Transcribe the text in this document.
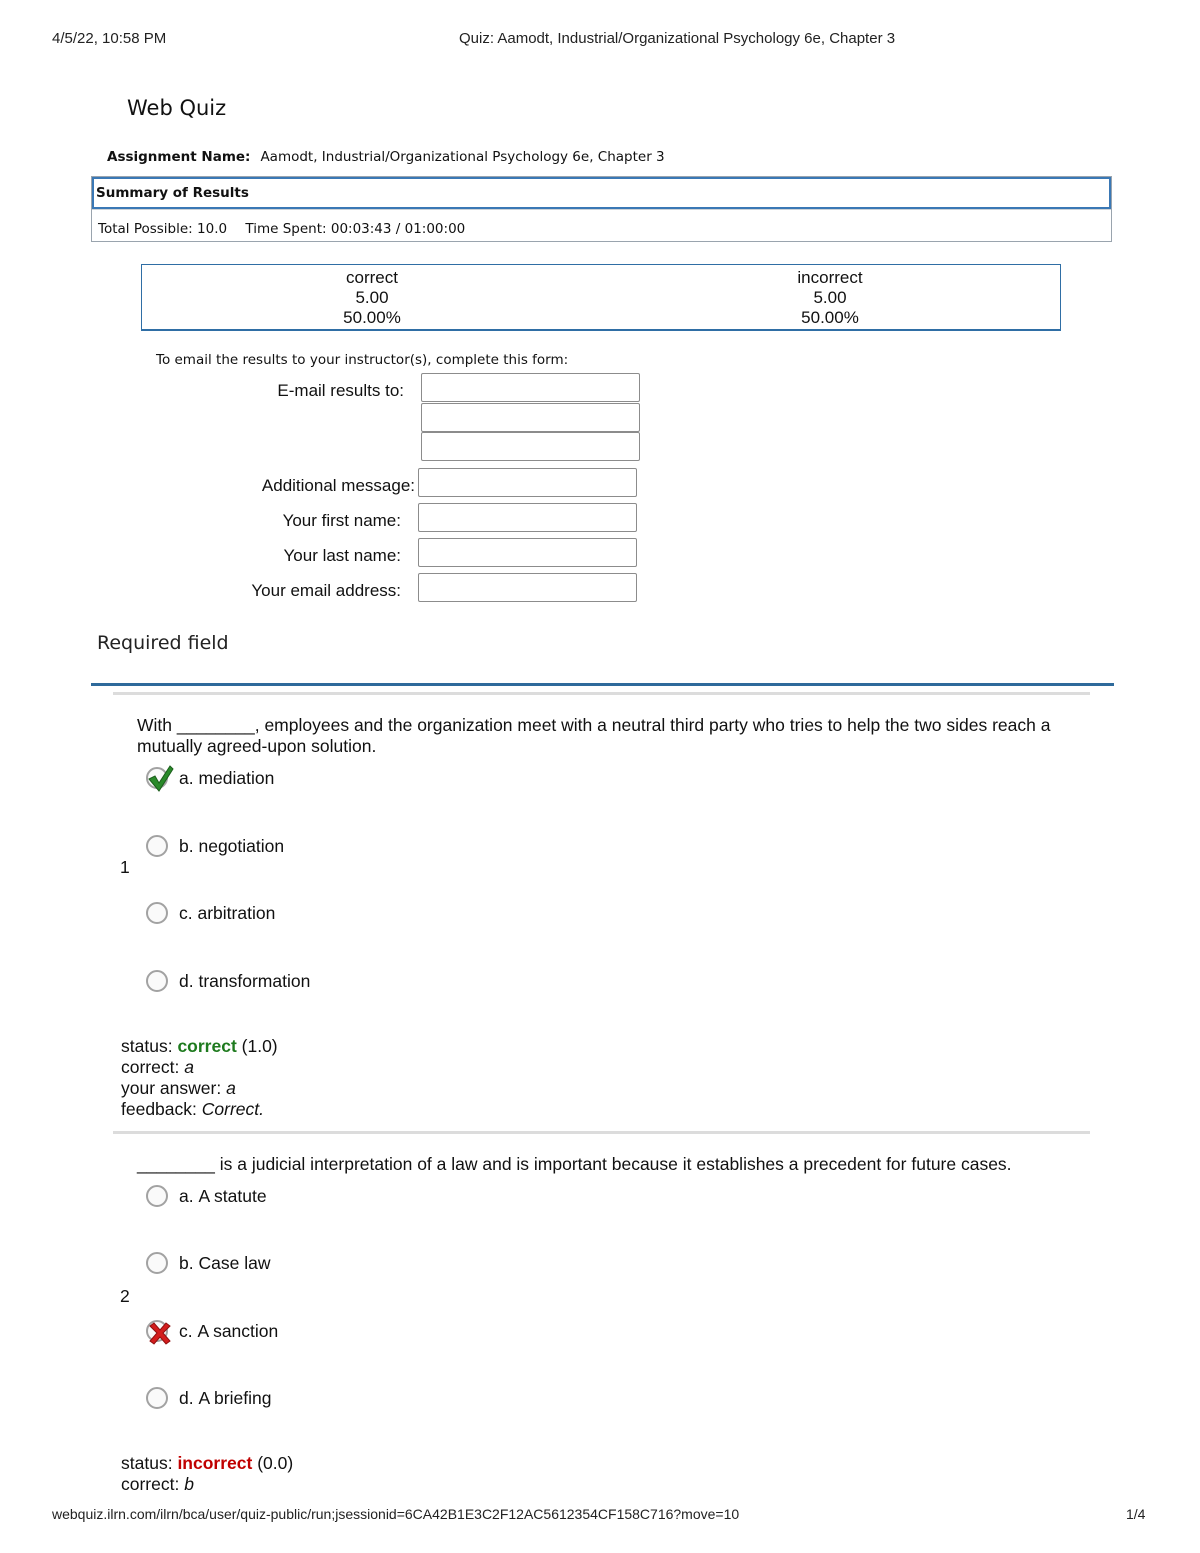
4/5/22, 10:58 PM	Quiz: Aamodt, Industrial/Organizational Psychology 6e, Chapter 3
Web Quiz
Assignment Name: Aamodt, Industrial/Organizational Psychology 6e, Chapter 3
Summary of Results
Total Possible: 10.0 Time Spent: 00:03:43 / 01:00:00
correct
5.00
50.00%
incorrect
5.00
50.00%
To email the results to your instructor(s), complete this form:
E-mail results to:
Additional message:
Your first name:
Your last name:
Your email address:
Required field
With ________, employees and the organization meet with a neutral third party who tries to help the two sides reach a mutually agreed-upon solution.
1
a.
mediation
b.
negotiation
c.
arbitration
d.
transformation
status: correct (1.0)
correct: a
your answer: a
feedback: Correct.
________ is a judicial interpretation of a law and is important because it establishes a precedent for future cases.
2
a.
A statute
b.
Case law
c.
A sanction
d.
A briefing
status: incorrect (0.0)
correct: b
webquiz.ilrn.com/ilrn/bca/user/quiz-public/run;jsessionid=6CA42B1E3C2F12AC5612354CF158C716?move=10	1/4
